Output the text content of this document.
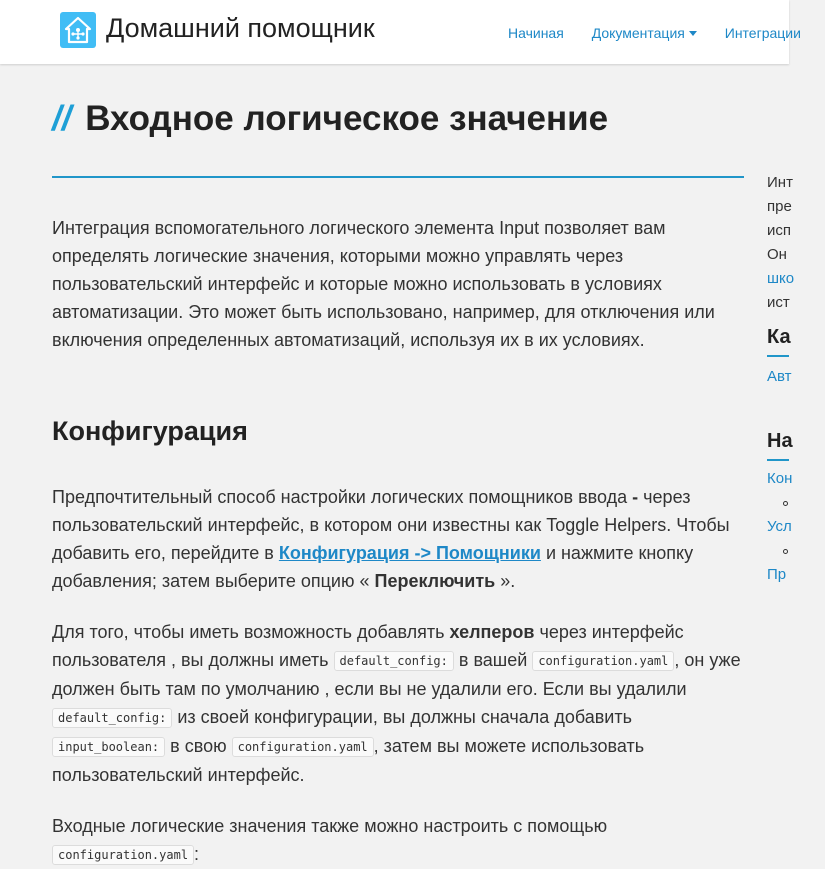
Домашний помощник	Начиная Документация	Интеграции
// Входное логическое значение

Интеграция вспомогательного логического элемента Input позволяет вам определять логические значения, которыми можно управлять через пользовательский интерфейс и которые можно использовать в условиях автоматизации. Это может быть использовано, например, для отключения или включения определенных автоматизаций, используя их в их условиях.

Конфигурация

Предпочтительный способ настройки логических помощников ввода - через пользовательский интерфейс, в котором они известны как Toggle Helpers. Чтобы добавить его, перейдите в Конфигурация -> Помощники и нажмите кнопку добавления; затем выберите опцию « Переключить ».

Для того, чтобы иметь возможность добавлять хелперов через интерфейс пользователя , вы должны иметь default_config: в вашей configuration.yaml , он уже должен быть там по умолчанию , если вы не удалили его. Если вы удалили default_config: из своей конфигурации, вы должны сначала добавить input_boolean: в свою configuration.yaml , затем вы можете использовать пользовательский интерфейс.

Входные логические значения также можно настроить с помощью configuration.yaml :

Инт
пре
исп
Он
шко
ист
Ка
Авт
На
Кон
Усл
Пр
